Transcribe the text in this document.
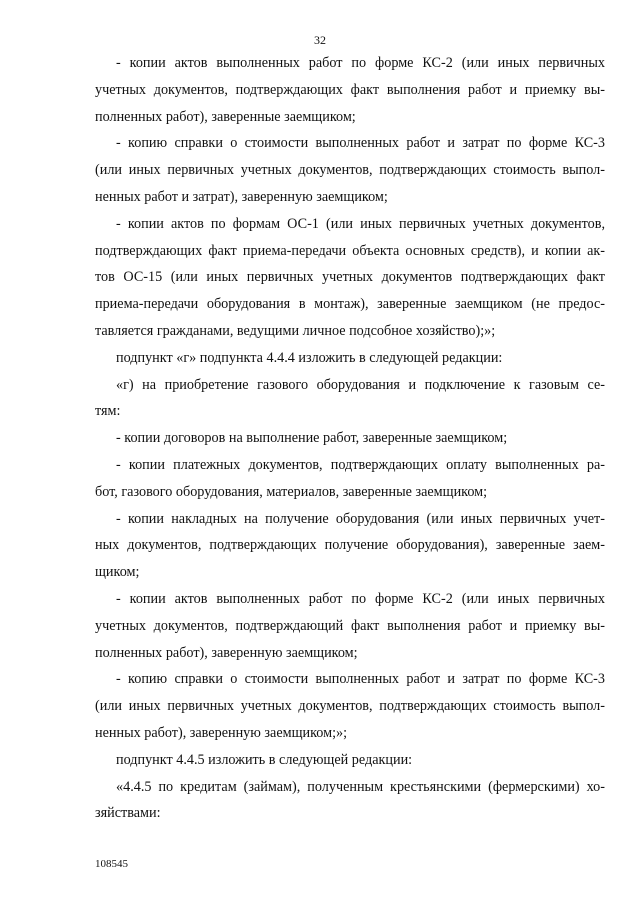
32
- копии актов выполненных работ по форме КС-2 (или иных первичных
учетных документов, подтверждающих факт выполнения работ и приемку вы-
полненных работ), заверенные заемщиком;
- копию справки о стоимости выполненных работ и затрат по форме КС-3
(или иных первичных учетных документов, подтверждающих стоимость выпол-
ненных работ и затрат), заверенную заемщиком;
- копии актов по формам ОС-1 (или иных первичных учетных документов,
подтверждающих факт приема-передачи объекта основных средств), и копии ак-
тов ОС-15 (или иных первичных учетных документов подтверждающих факт
приема-передачи оборудования в монтаж), заверенные заемщиком (не предос-
тавляется гражданами, ведущими личное подсобное хозяйство);»;
подпункт «г» подпункта 4.4.4 изложить в следующей редакции:
«г) на приобретение газового оборудования и подключение к газовым се-
тям:
- копии договоров на выполнение работ, заверенные заемщиком;
- копии платежных документов, подтверждающих оплату выполненных ра-
бот, газового оборудования, материалов, заверенные заемщиком;
- копии накладных на получение оборудования (или иных первичных учет-
ных документов, подтверждающих получение оборудования), заверенные заем-
щиком;
- копии актов выполненных работ по форме КС-2 (или иных первичных
учетных документов, подтверждающий факт выполнения работ и приемку вы-
полненных работ), заверенную заемщиком;
- копию справки о стоимости выполненных работ и затрат по форме КС-3
(или иных первичных учетных документов, подтверждающих стоимость выпол-
ненных работ), заверенную заемщиком;»;
подпункт 4.4.5 изложить в следующей редакции:
«4.4.5 по кредитам (займам), полученным крестьянскими (фермерскими) хо-
зяйствами:
108545
